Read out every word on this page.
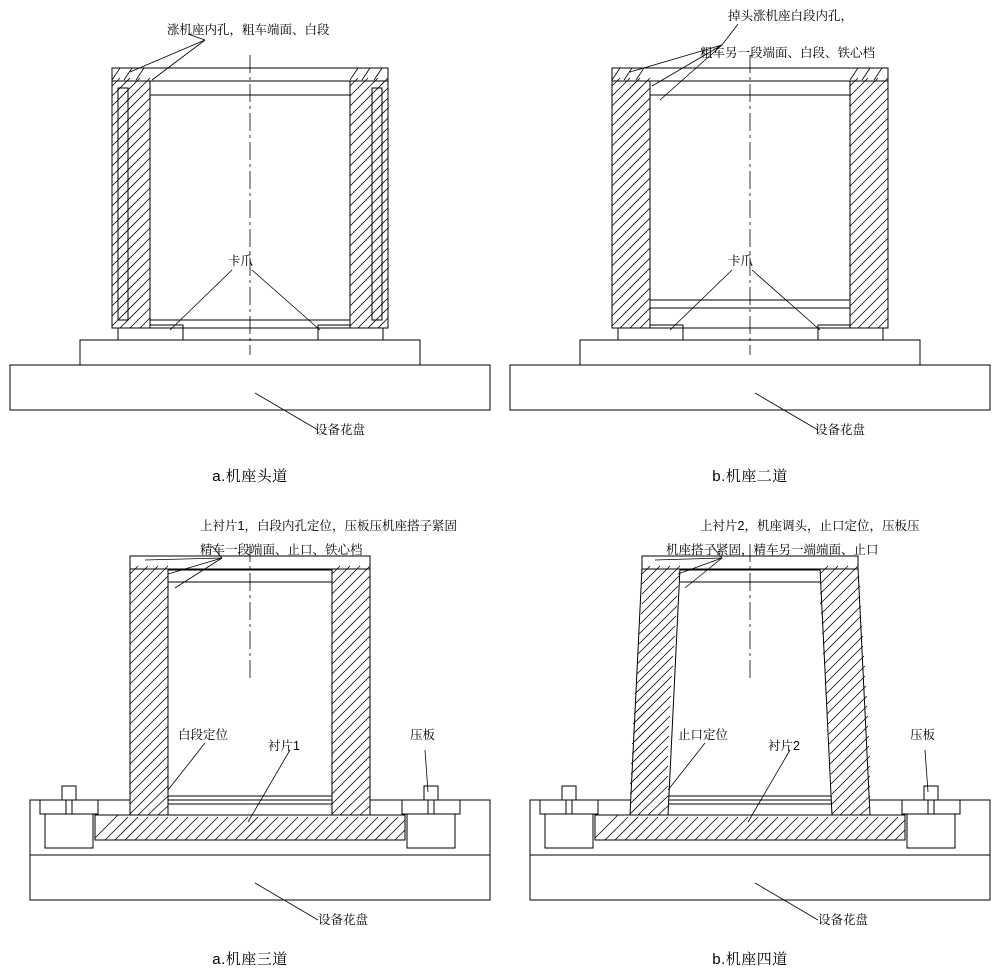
涨机座内孔，粗车端面、白段
卡爪
设备花盘
a.机座头道
掉头涨机座白段内孔，
粗车另一段端面、白段、铁心档
卡爪
设备花盘
b.机座二道
上衬片1，白段内孔定位，压板压机座搭子紧固
精车一段端面、止口、铁心档
白段定位
衬片1
压板
设备花盘
a.机座三道
上衬片2，机座调头，止口定位，压板压
机座搭子紧固，精车另一端端面、止口
止口定位
衬片2
压板
设备花盘
b.机座四道
